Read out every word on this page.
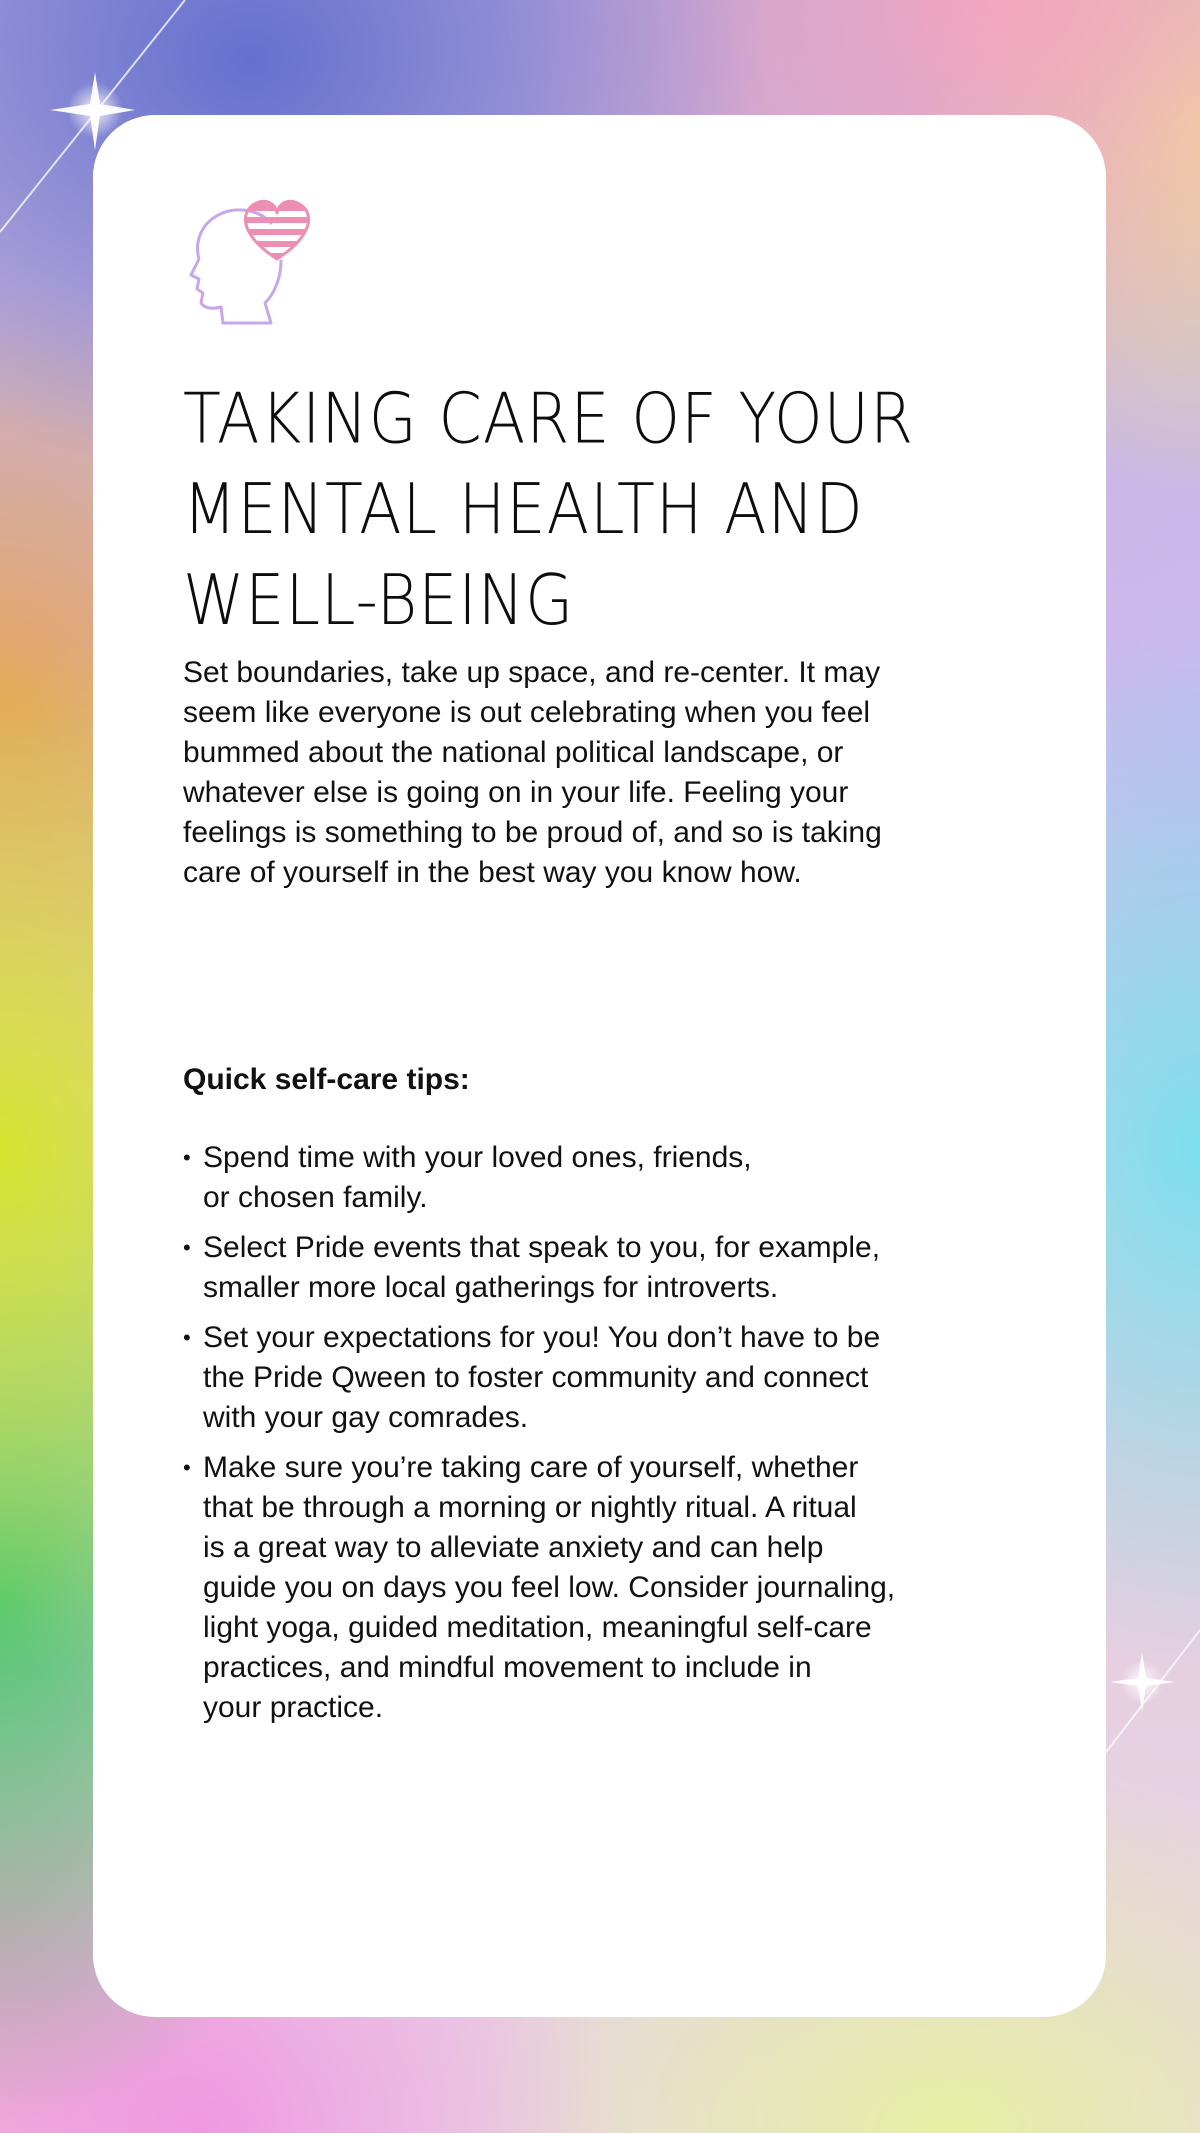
TAKING CARE OF YOUR
MENTAL HEALTH AND
WELL-BEING

Set boundaries, take up space, and re-center. It may
seem like everyone is out celebrating when you feel
bummed about the national political landscape, or
whatever else is going on in your life. Feeling your
feelings is something to be proud of, and so is taking
care of yourself in the best way you know how.

Quick self-care tips:
• Spend time with your loved ones, friends,
or chosen family.
• Select Pride events that speak to you, for example,
smaller more local gatherings for introverts.
• Set your expectations for you! You don’t have to be
the Pride Qween to foster community and connect
with your gay comrades.
• Make sure you’re taking care of yourself, whether
that be through a morning or nightly ritual. A ritual
is a great way to alleviate anxiety and can help
guide you on days you feel low. Consider journaling,
light yoga, guided meditation, meaningful self-care
practices, and mindful movement to include in
your practice.
